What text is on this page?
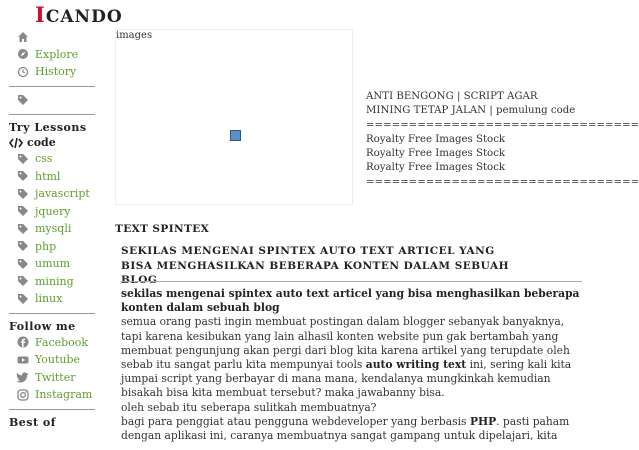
ICANDO
Explore
History
Try Lessons
code
css
html
javascript
jquery
mysqli
php
umum
mining
linux
Follow me
Facebook
Youtube
Twitter
Instagram
Best of
images
ANTI BENGONG | SCRIPT AGAR MINING TETAP JALAN | pemulung code
================================
Royalty Free Images Stock
Royalty Free Images Stock
Royalty Free Images Stock
================================
TEXT SPINTEX
SEKILAS MENGENAI SPINTEX AUTO TEXT ARTICEL YANG BISA MENGHASILKAN BEBERAPA KONTEN DALAM SEBUAH BLOG

sekilas mengenai spintex auto text articel yang bisa menghasilkan beberapa konten dalam sebuah blog

semua orang pasti ingin membuat postingan dalam blogger sebanyak banyaknya, tapi karena kesibukan yang lain alhasil konten website pun gak bertambah yang membuat pengunjung akan pergi dari blog kita karena artikel yang terupdate oleh sebab itu sangat parlu kita mempunyai tools auto writing text ini, sering kali kita jumpai script yang berbayar di mana mana, kendalanya mungkinkah kemudian bisakah bisa kita membuat tersebut? maka jawabanny bisa.

oleh sebab itu seberapa sulitkah membuatnya?

bagi para penggiat atau pengguna webdeveloper yang berbasis PHP. pasti paham dengan aplikasi ini, caranya membuatnya sangat gampang untuk dipelajari, kita
